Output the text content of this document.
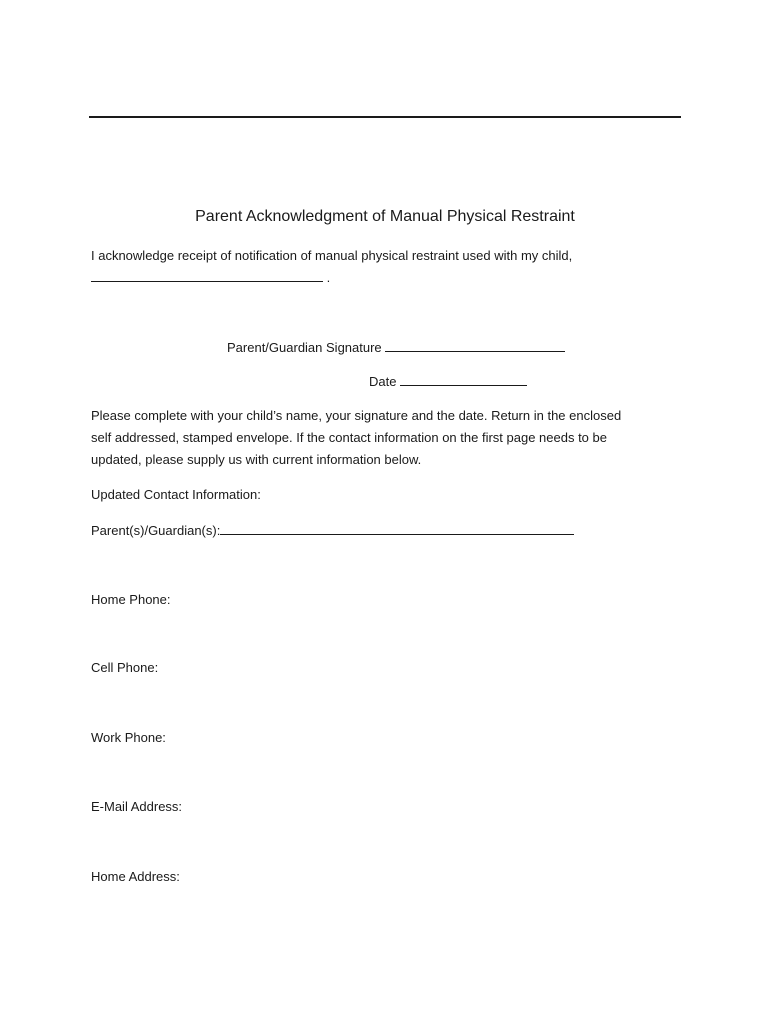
Parent Acknowledgment of Manual Physical Restraint
I acknowledge receipt of notification of manual physical restraint used with my child,
.
Parent/Guardian Signature
Date
Please complete with your child’s name, your signature and the date. Return in the enclosed
self addressed, stamped envelope. If the contact information on the first page needs to be
updated, please supply us with current information below.
Updated Contact Information:
Parent(s)/Guardian(s):
Home Phone:
Cell Phone:
Work Phone:
E-Mail Address:
Home Address:
